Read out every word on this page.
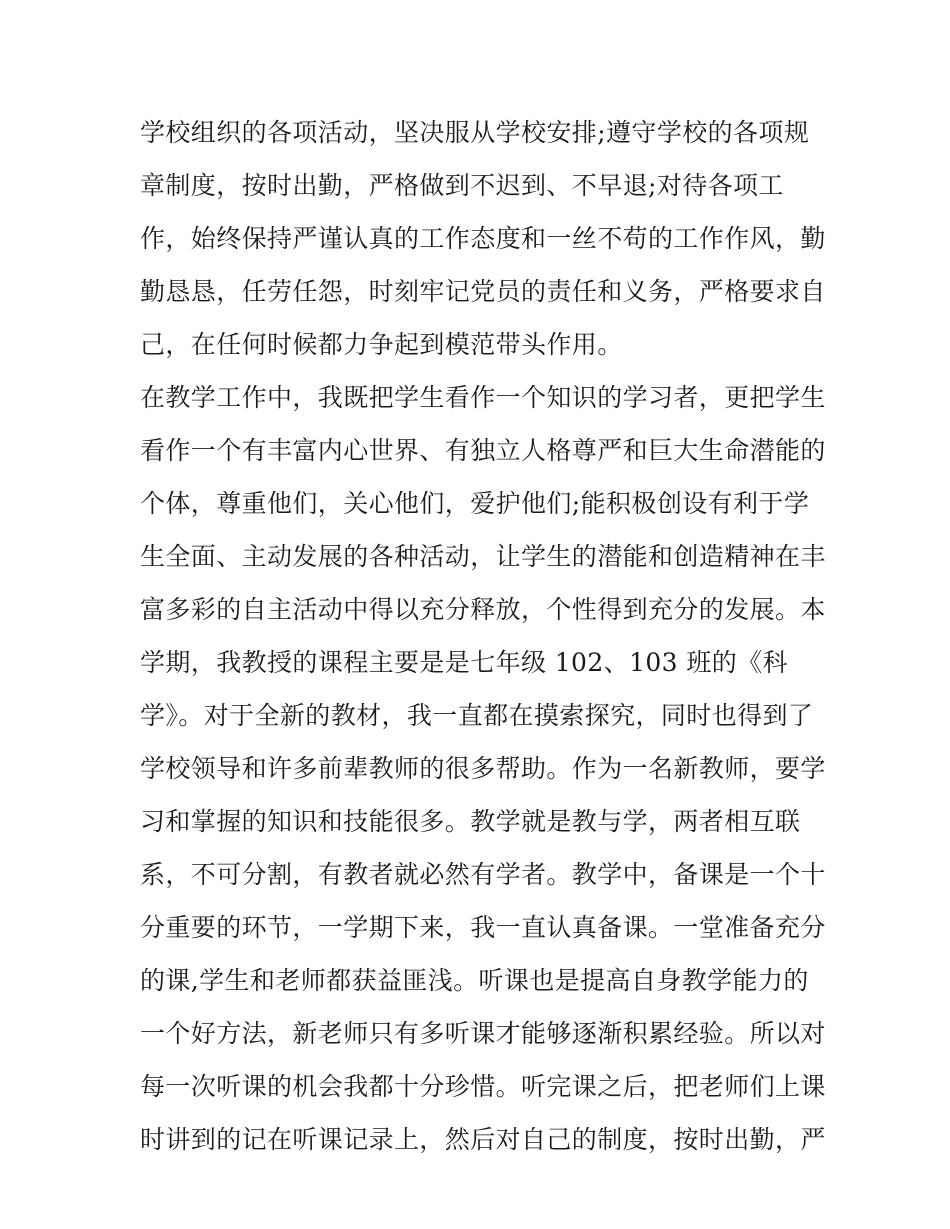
学校组织的各项活动，坚决服从学校安排;遵守学校的各项规
章制度，按时出勤，严格做到不迟到、不早退;对待各项工
作，始终保持严谨认真的工作态度和一丝不苟的工作作风，勤
勤恳恳，任劳任怨，时刻牢记党员的责任和义务，严格要求自
己，在任何时候都力争起到模范带头作用。
在教学工作中，我既把学生看作一个知识的学习者，更把学生
看作一个有丰富内心世界、有独立人格尊严和巨大生命潜能的
个体，尊重他们，关心他们，爱护他们;能积极创设有利于学
生全面、主动发展的各种活动，让学生的潜能和创造精神在丰
富多彩的自主活动中得以充分释放，个性得到充分的发展。本
学期，我教授的课程主要是是七年级 102、103 班的《科
学》。对于全新的教材，我一直都在摸索探究，同时也得到了
学校领导和许多前辈教师的很多帮助。作为一名新教师，要学
习和掌握的知识和技能很多。教学就是教与学，两者相互联
系，不可分割，有教者就必然有学者。教学中，备课是一个十
分重要的环节，一学期下来，我一直认真备课。一堂准备充分
的课,学生和老师都获益匪浅。听课也是提高自身教学能力的
一个好方法，新老师只有多听课才能够逐渐积累经验。所以对
每一次听课的机会我都十分珍惜。听完课之后，把老师们上课
时讲到的记在听课记录上，然后对自己的制度，按时出勤，严
